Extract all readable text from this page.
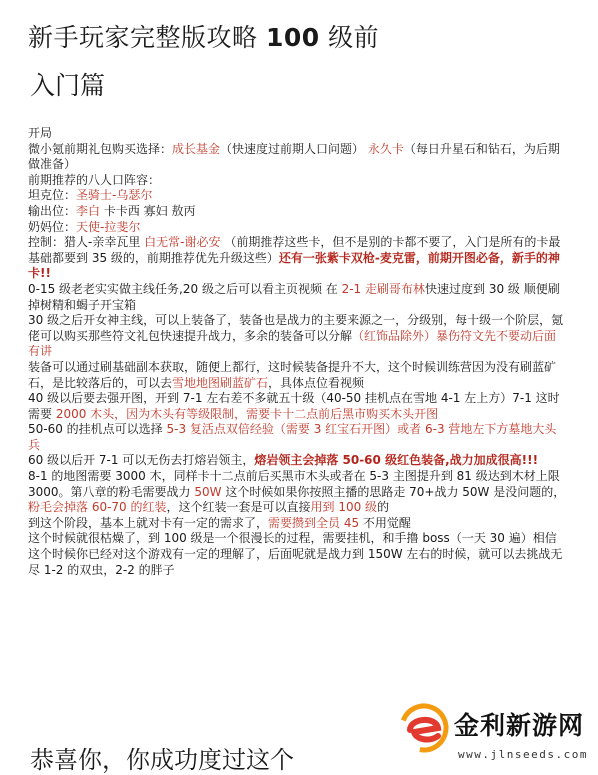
新手玩家完整版攻略 100 级前
入门篇

开局

微小氪前期礼包购买选择：成长基金（快速度过前期人口问题） 永久卡（每日升星石和钻石，为后期做准备）

前期推荐的八人口阵容：

坦克位：圣骑士-乌瑟尔

输出位：李白 卡卡西 寡妇 敖丙

奶妈位：天使-拉斐尔

控制：猎人-亲幸瓦里 白无常-谢必安 （前期推荐这些卡，但不是别的卡都不要了，入门是所有的卡最基础都要到 35 级的，前期推荐优先升级这些）还有一张紫卡双枪-麦克雷，前期开图必备，新手的神卡!!

0-15 级老老实实做主线任务,20 级之后可以看主页视频 在 2-1 走刷哥布林快速过度到 30 级 顺便刷掉树精和蝎子开宝箱

30 级之后开女神主线，可以上装备了，装备也是战力的主要来源之一，分级别，每十级一个阶层，氪佬可以购买那些符文礼包快速提升战力，多余的装备可以分解（红饰品除外）暴伤符文先不要动后面有讲

装备可以通过刷基础副本获取，随便上都行，这时候装备提升不大，这个时候训练营因为没有刷蓝矿石，是比较落后的，可以去雪地地图刷蓝矿石，具体点位看视频

40 级以后要去强开图，开到 7-1 左右差不多就五十级（40-50 挂机点在雪地 4-1 左上方）7-1 这时需要 2000 木头，因为木头有等级限制，需要卡十二点前后黑市购买木头开图

50-60 的挂机点可以选择 5-3 复活点双倍经验（需要 3 红宝石开图）或者 6-3 营地左下方墓地大头兵

60 级以后开 7-1 可以无伤去打熔岩领主，熔岩领主会掉落 50-60 级红色装备,战力加成很高!!!

8-1 的地图需要 3000 木，同样卡十二点前后买黑市木头或者在 5-3 主图提升到 81 级达到木材上限 3000。第八章的粉毛需要战力 50W 这个时候如果你按照主播的思路走 70+战力 50W 是没问题的，粉毛会掉落 60-70 的红装，这个红装一套是可以直接用到 100 级的

到这个阶段，基本上就对卡有一定的需求了，需要攒到全员 45 不用觉醒

这个时候就很枯燥了，到 100 级是一个很漫长的过程，需要挂机，和手撸 boss（一天 30 遍）相信这个时候你已经对这个游戏有一定的理解了，后面呢就是战力到 150W 左右的时候，就可以去挑战无尽 1-2 的双虫，2-2 的胖子

恭喜你，你成功度过这个
金利新游网
www.jlnseeds.com
